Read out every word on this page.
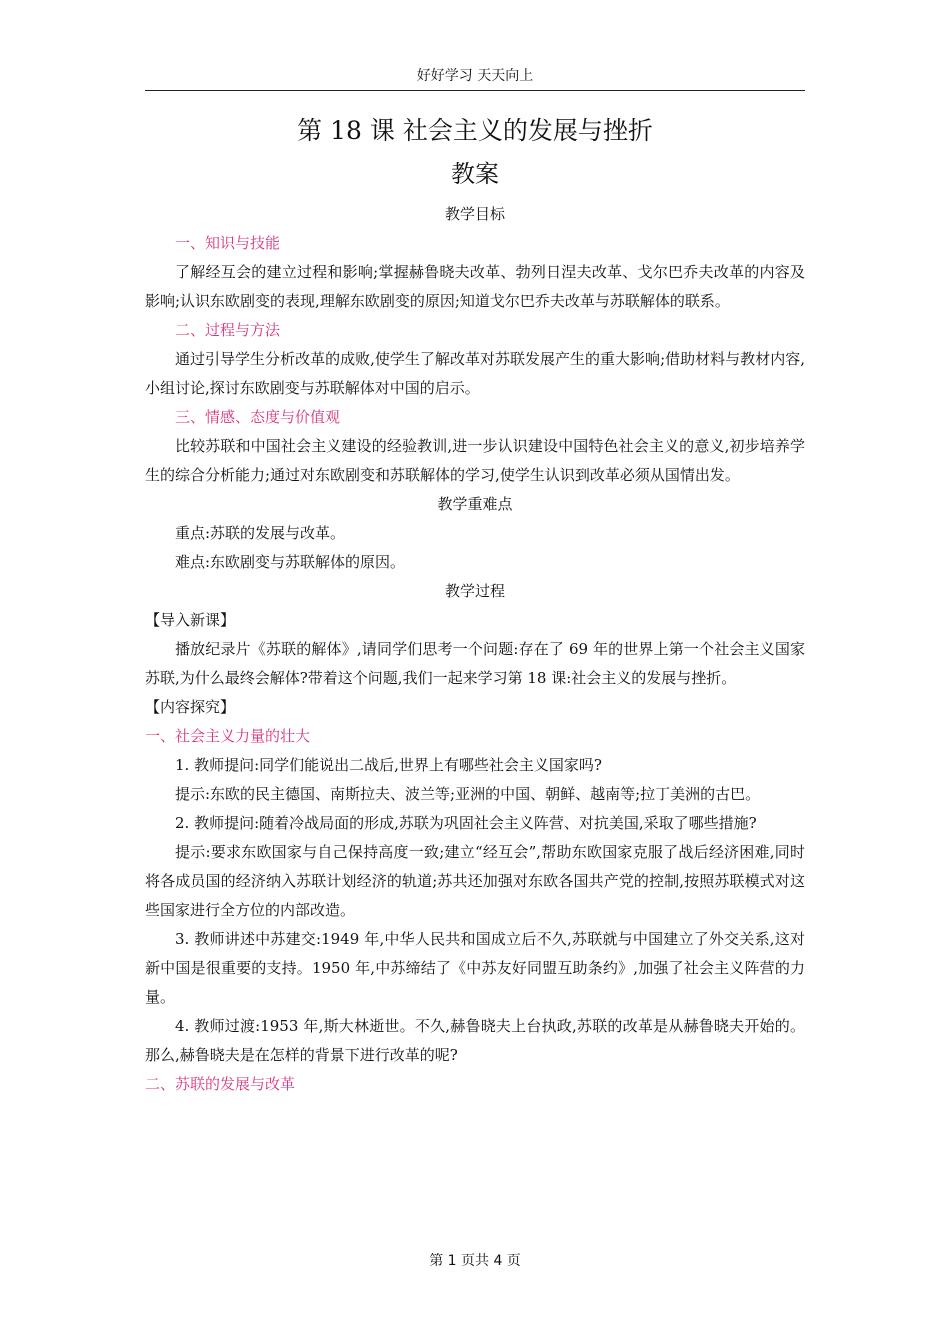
好好学习 天天向上
第 18 课 社会主义的发展与挫折
教案
教学目标
一、知识与技能

了解经互会的建立过程和影响;掌握赫鲁晓夫改革、勃列日涅夫改革、戈尔巴乔夫改革的内容及影响;认识东欧剧变的表现,理解东欧剧变的原因;知道戈尔巴乔夫改革与苏联解体的联系。

二、过程与方法

通过引导学生分析改革的成败,使学生了解改革对苏联发展产生的重大影响;借助材料与教材内容,小组讨论,探讨东欧剧变与苏联解体对中国的启示。

三、情感、态度与价值观

比较苏联和中国社会主义建设的经验教训,进一步认识建设中国特色社会主义的意义,初步培养学生的综合分析能力;通过对东欧剧变和苏联解体的学习,使学生认识到改革必须从国情出发。

教学重难点

重点:苏联的发展与改革。

难点:东欧剧变与苏联解体的原因。

教学过程
【导入新课】

播放纪录片《苏联的解体》,请同学们思考一个问题:存在了 69 年的世界上第一个社会主义国家苏联,为什么最终会解体?带着这个问题,我们一起来学习第 18 课:社会主义的发展与挫折。

【内容探究】
一、社会主义力量的壮大

1. 教师提问:同学们能说出二战后,世界上有哪些社会主义国家吗?

提示:东欧的民主德国、南斯拉夫、波兰等;亚洲的中国、朝鲜、越南等;拉丁美洲的古巴。

2. 教师提问:随着冷战局面的形成,苏联为巩固社会主义阵营、对抗美国,采取了哪些措施?

提示:要求东欧国家与自己保持高度一致;建立“经互会”,帮助东欧国家克服了战后经济困难,同时将各成员国的经济纳入苏联计划经济的轨道;苏共还加强对东欧各国共产党的控制,按照苏联模式对这些国家进行全方位的内部改造。

3. 教师讲述中苏建交:1949 年,中华人民共和国成立后不久,苏联就与中国建立了外交关系,这对新中国是很重要的支持。1950 年,中苏缔结了《中苏友好同盟互助条约》,加强了社会主义阵营的力量。

4. 教师过渡:1953 年,斯大林逝世。不久,赫鲁晓夫上台执政,苏联的改革是从赫鲁晓夫开始的。那么,赫鲁晓夫是在怎样的背景下进行改革的呢?

二、苏联的发展与改革
第 1 页共 4 页
